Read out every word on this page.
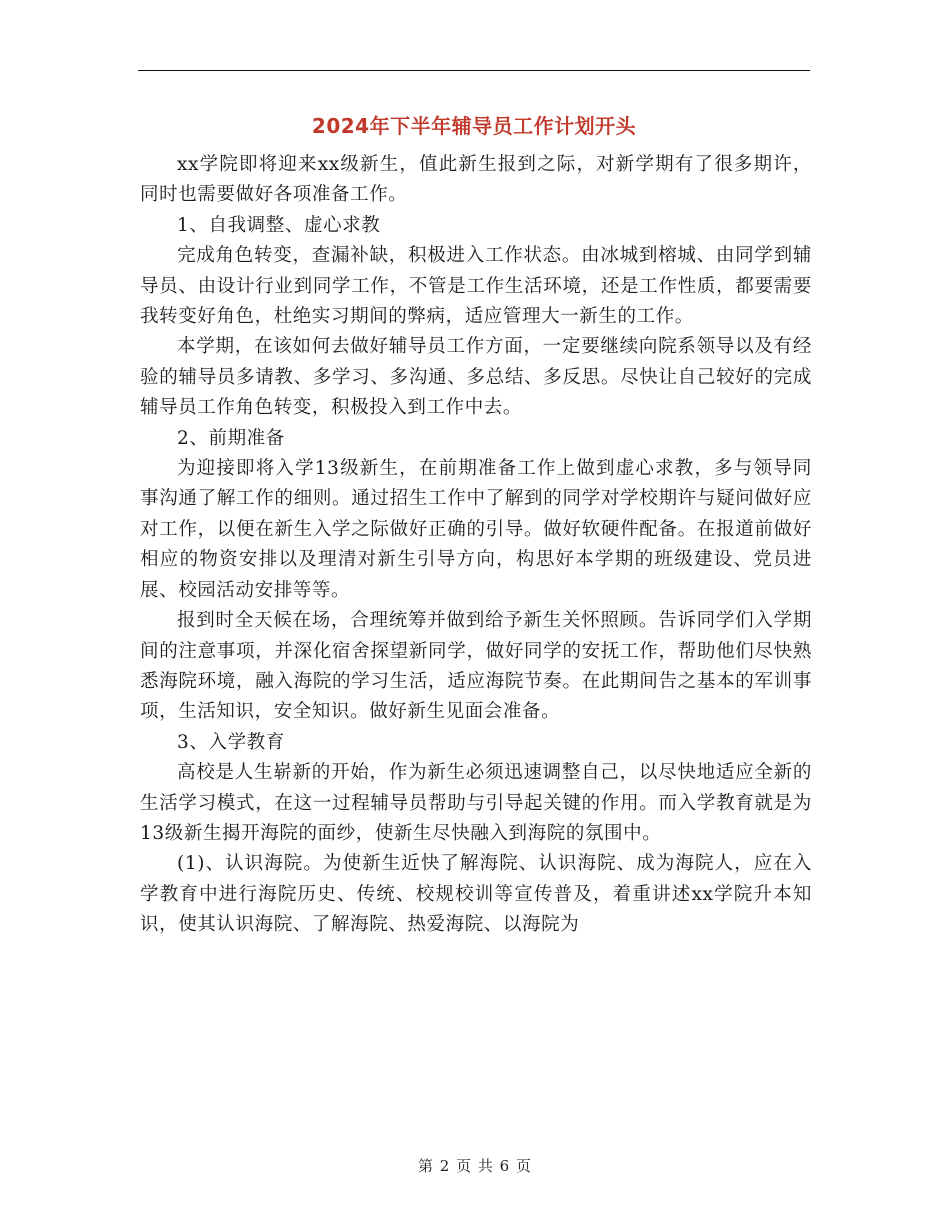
2024年下半年辅导员工作计划开头

xx学院即将迎来xx级新生，值此新生报到之际，对新学期有了很多期许，同时也需要做好各项准备工作。

1、自我调整、虚心求教

完成角色转变，查漏补缺，积极进入工作状态。由冰城到榕城、由同学到辅导员、由设计行业到同学工作，不管是工作生活环境，还是工作性质，都要需要我转变好角色，杜绝实习期间的弊病，适应管理大一新生的工作。

本学期，在该如何去做好辅导员工作方面，一定要继续向院系领导以及有经验的辅导员多请教、多学习、多沟通、多总结、多反思。尽快让自己较好的完成辅导员工作角色转变，积极投入到工作中去。

2、前期准备

为迎接即将入学13级新生，在前期准备工作上做到虚心求教，多与领导同事沟通了解工作的细则。通过招生工作中了解到的同学对学校期许与疑问做好应对工作，以便在新生入学之际做好正确的引导。做好软硬件配备。在报道前做好相应的物资安排以及理清对新生引导方向，构思好本学期的班级建设、党员进展、校园活动安排等等。

报到时全天候在场，合理统筹并做到给予新生关怀照顾。告诉同学们入学期间的注意事项，并深化宿舍探望新同学，做好同学的安抚工作，帮助他们尽快熟悉海院环境，融入海院的学习生活，适应海院节奏。在此期间告之基本的军训事项，生活知识，安全知识。做好新生见面会准备。

3、入学教育

高校是人生崭新的开始，作为新生必须迅速调整自己，以尽快地适应全新的生活学习模式，在这一过程辅导员帮助与引导起关键的作用。而入学教育就是为13级新生揭开海院的面纱，使新生尽快融入到海院的氛围中。

(1)、认识海院。为使新生近快了解海院、认识海院、成为海院人，应在入学教育中进行海院历史、传统、校规校训等宣传普及，着重讲述xx学院升本知识，使其认识海院、了解海院、热爱海院、以海院为

第 2 页 共 6 页
